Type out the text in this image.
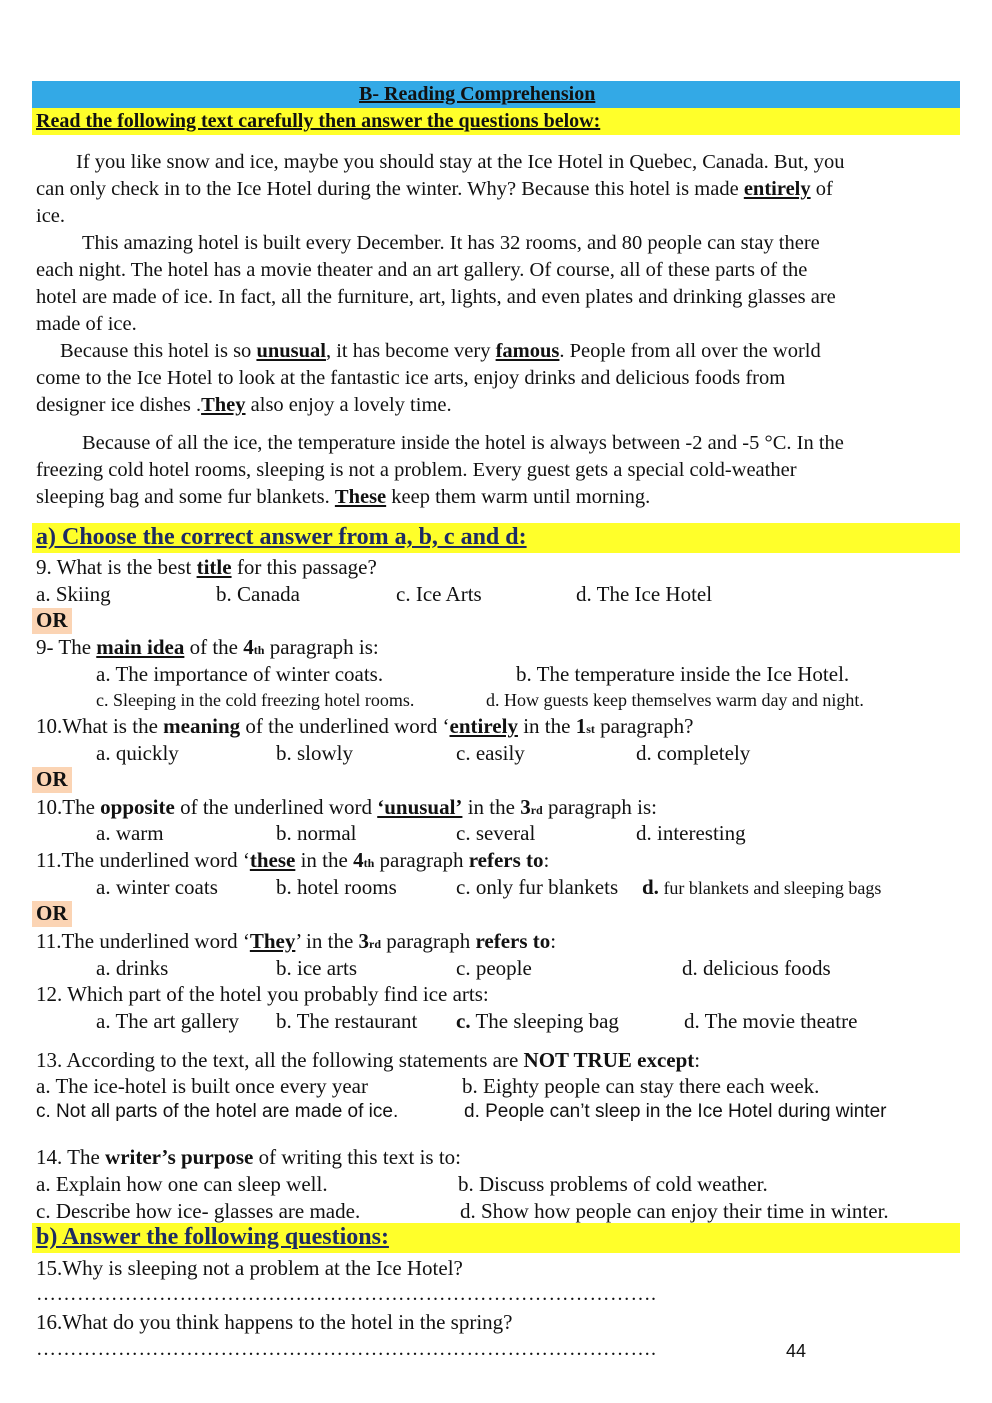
B- Reading Comprehension
Read the following text carefully then answer the questions below:
If you like snow and ice, maybe you should stay at the Ice Hotel in Quebec, Canada. But, you
can only check in to the Ice Hotel during the winter. Why? Because this hotel is made entirely of
ice.
This amazing hotel is built every December. It has 32 rooms, and 80 people can stay there
each night. The hotel has a movie theater and an art gallery. Of course, all of these parts of the
hotel are made of ice. In fact, all the furniture, art, lights, and even plates and drinking glasses are
made of ice.
Because this hotel is so unusual, it has become very famous. People from all over the world
come to the Ice Hotel to look at the fantastic ice arts, enjoy drinks and delicious foods from
designer ice dishes .They also enjoy a lovely time.
Because of all the ice, the temperature inside the hotel is always between -2 and -5 °C. In the
freezing cold hotel rooms, sleeping is not a problem. Every guest gets a special cold-weather
sleeping bag and some fur blankets. These keep them warm until morning.
a) Choose the correct answer from a, b, c and d:
9. What is the best title for this passage?
a. Skiing	b. Canada	c. Ice Arts	d. The Ice Hotel
OR
9- The main idea of the 4th paragraph is:
a. The importance of winter coats.	b. The temperature inside the Ice Hotel.
c. Sleeping in the cold freezing hotel rooms.	d. How guests keep themselves warm day and night.
10.What is the meaning of the underlined word ‘entirely in the 1st paragraph?
a. quickly	b. slowly	c. easily	d. completely
OR
10.The opposite of the underlined word ‘unusual’ in the 3rd paragraph is:
a. warm	b. normal	c. several	d. interesting
11.The underlined word ‘these in the 4th paragraph refers to:
a. winter coats	b. hotel rooms	c. only fur blankets d. fur blankets and sleeping bags
OR
11.The underlined word ‘They’ in the 3rd paragraph refers to:
a. drinks	b. ice arts	c. people	d. delicious foods
12. Which part of the hotel you probably find ice arts:
a. The art gallery b. The restaurant c. The sleeping bag	d. The movie theatre
13. According to the text, all the following statements are NOT TRUE except:
a. The ice-hotel is built once every year	b. Eighty people can stay there each week.
c. Not all parts of the hotel are made of ice.	d. People can’t sleep in the Ice Hotel during winter
14. The writer’s purpose of writing this text is to:
a. Explain how one can sleep well.	b. Discuss problems of cold weather.
c. Describe how ice- glasses are made.	d. Show how people can enjoy their time in winter.
b) Answer the following questions:
15.Why is sleeping not a problem at the Ice Hotel?
……………………………………………………………………………….
16.What do you think happens to the hotel in the spring?
……………………………………………………………………………….	44
